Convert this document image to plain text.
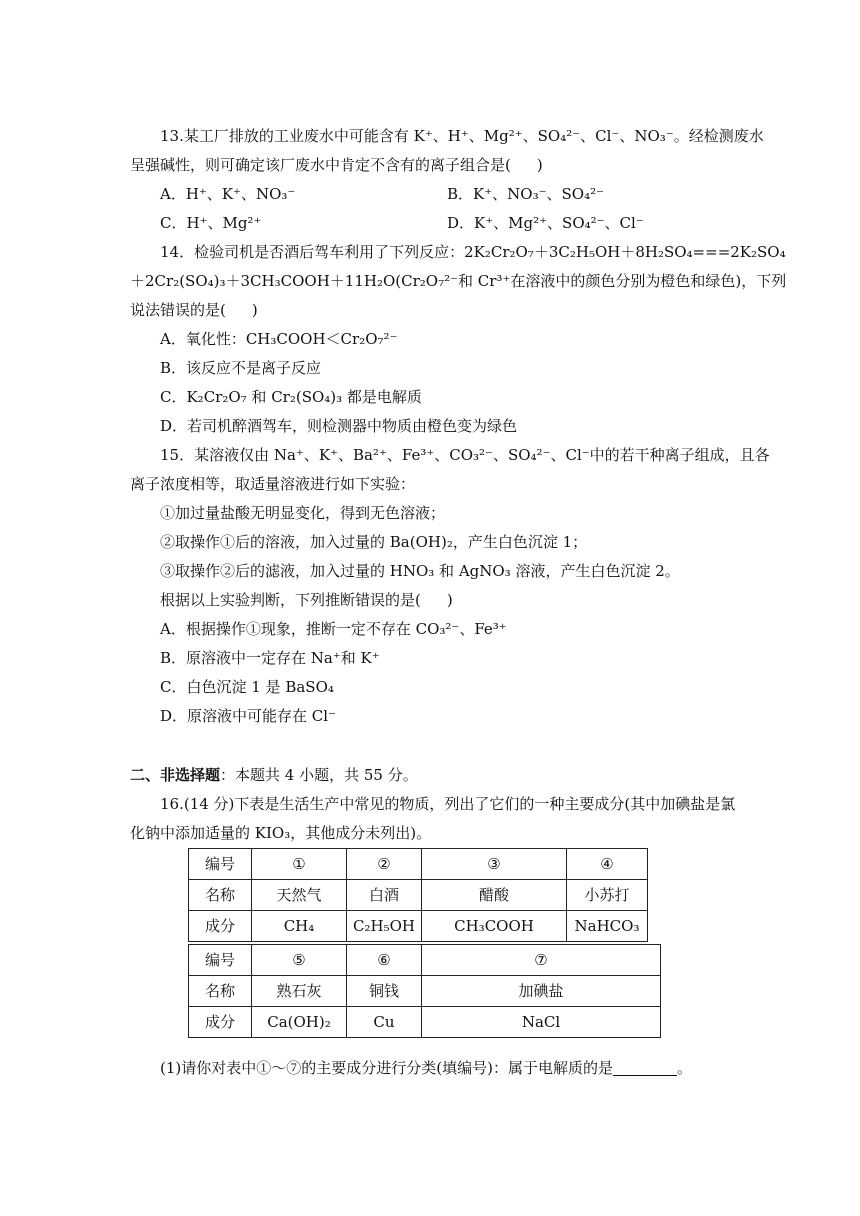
13.某工厂排放的工业废水中可能含有 K⁺、H⁺、Mg²⁺、SO₄²⁻、Cl⁻、NO₃⁻。经检测废水

呈强碱性，则可确定该厂废水中肯定不含有的离子组合是( )

A．H⁺、K⁺、NO₃⁻	B．K⁺、NO₃⁻、SO₄²⁻
C．H⁺、Mg²⁺	D．K⁺、Mg²⁺、SO₄²⁻、Cl⁻

14．检验司机是否酒后驾车利用了下列反应：2K₂Cr₂O₇＋3C₂H₅OH＋8H₂SO₄===2K₂SO₄

＋2Cr₂(SO₄)₃＋3CH₃COOH＋11H₂O(Cr₂O₇²⁻和 Cr³⁺在溶液中的颜色分别为橙色和绿色)，下列

说法错误的是( )

A．氧化性：CH₃COOH＜Cr₂O₇²⁻

B．该反应不是离子反应

C．K₂Cr₂O₇ 和 Cr₂(SO₄)₃ 都是电解质

D．若司机醉酒驾车，则检测器中物质由橙色变为绿色

15．某溶液仅由 Na⁺、K⁺、Ba²⁺、Fe³⁺、CO₃²⁻、SO₄²⁻、Cl⁻中的若干种离子组成，且各

离子浓度相等，取适量溶液进行如下实验：

①加过量盐酸无明显变化，得到无色溶液；

②取操作①后的溶液，加入过量的 Ba(OH)₂，产生白色沉淀 1；

③取操作②后的滤液，加入过量的 HNO₃ 和 AgNO₃ 溶液，产生白色沉淀 2。

根据以上实验判断，下列推断错误的是( )

A．根据操作①现象，推断一定不存在 CO₃²⁻、Fe³⁺

B．原溶液中一定存在 Na⁺和 K⁺

C．白色沉淀 1 是 BaSO₄

D．原溶液中可能存在 Cl⁻

二、非选择题：本题共 4 小题，共 55 分。

16.(14 分)下表是生活生产中常见的物质，列出了它们的一种主要成分(其中加碘盐是氯

化钠中添加适量的 KIO₃，其他成分未列出)。

编号	①	②	③	④
名称	天然气	白酒	醋酸	小苏打
成分	CH₄	C₂H₅OH	CH₃COOH	NaHCO₃
编号	⑤	⑥	⑦
名称	熟石灰	铜钱	加碘盐
成分	Ca(OH)₂	Cu	NaCl

(1)请你对表中①～⑦的主要成分进行分类(填编号)：属于电解质的是	。
